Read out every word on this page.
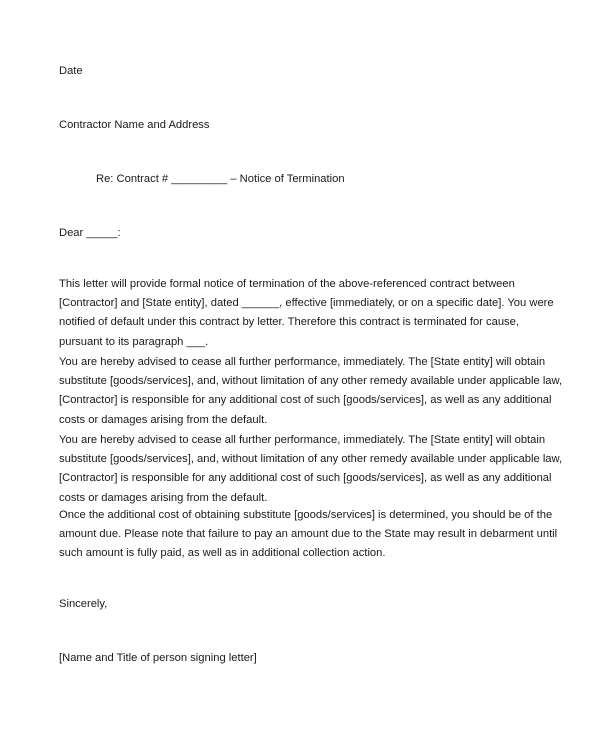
Date
Contractor Name and Address
Re: Contract # _________ – Notice of Termination
Dear _____:
This letter will provide formal notice of termination of the above-referenced contract between
[Contractor] and [State entity], dated ______, effective [immediately, or on a specific date]. You were
notified of default under this contract by letter. Therefore this contract is terminated for cause,
pursuant to its paragraph ___.
You are hereby advised to cease all further performance, immediately. The [State entity] will obtain
substitute [goods/services], and, without limitation of any other remedy available under applicable law,
[Contractor] is responsible for any additional cost of such [goods/services], as well as any additional
costs or damages arising from the default.
You are hereby advised to cease all further performance, immediately. The [State entity] will obtain
substitute [goods/services], and, without limitation of any other remedy available under applicable law,
[Contractor] is responsible for any additional cost of such [goods/services], as well as any additional
costs or damages arising from the default.
Once the additional cost of obtaining substitute [goods/services] is determined, you should be of the
amount due. Please note that failure to pay an amount due to the State may result in debarment until
such amount is fully paid, as well as in additional collection action.
Sincerely,
[Name and Title of person signing letter]
